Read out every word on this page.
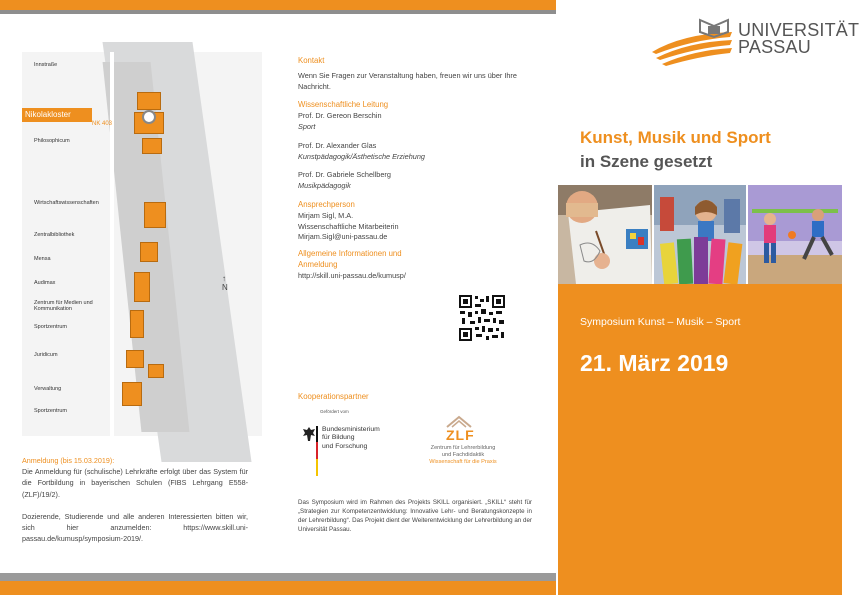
Innstraße
Philosophicum
Wirtschaftswissenschaften
Zentralbibliothek
Mensa
Audimax
Zentrum für Medien und Kommunikation
Sportzentrum
Juridicum
Verwaltung
Sportzentrum
↑
N
Nikolakloster
NK 403
Anmeldung (bis 15.03.2019):

Die Anmeldung für (schulische) Lehrkräfte erfolgt über das System für die Fortbildung in bayerischen Schulen (FIBS Lehrgang E558-(ZLF)/19/2).

Dozierende, Studierende und alle anderen Interessierten bitten wir, sich hier anzumelden: https://www.skill.uni-passau.de/kumusp/symposium-2019/.

Kontakt
Wenn Sie Fragen zur Veranstaltung haben, freuen wir uns über Ihre Nachricht.
Wissenschaftliche Leitung
Prof. Dr. Gereon Berschin
Sport
Prof. Dr. Alexander Glas
Kunstpädagogik/Ästhetische Erziehung
Prof. Dr. Gabriele Schellberg
Musikpädagogik
Ansprechperson
Mirjam Sigl, M.A.
Wissenschaftliche Mitarbeiterin
Mirjam.Sigl@uni-passau.de
Allgemeine Informationen und Anmeldung
http://skill.uni-passau.de/kumusp/
Kooperationspartner
Gefördert vom
Bundesministerium
für Bildung
und Forschung
ZLF
Zentrum für Lehrerbildung
und Fachdidaktik
Wissenschaft für die Praxis
Das Symposium wird im Rahmen des Projekts SKILL organisiert. „SKILL“ steht für „Strategien zur Kompetenzentwicklung: Innovative Lehr- und Beratungskonzepte in der Lehrerbildung“. Das Projekt dient der Weiterentwicklung der Lehrerbildung an der Universität Passau.
UNIVERSITÄT
PASSAU
Kunst, Musik und Sport
in Szene gesetzt
Symposium Kunst – Musik – Sport
21. März 2019
